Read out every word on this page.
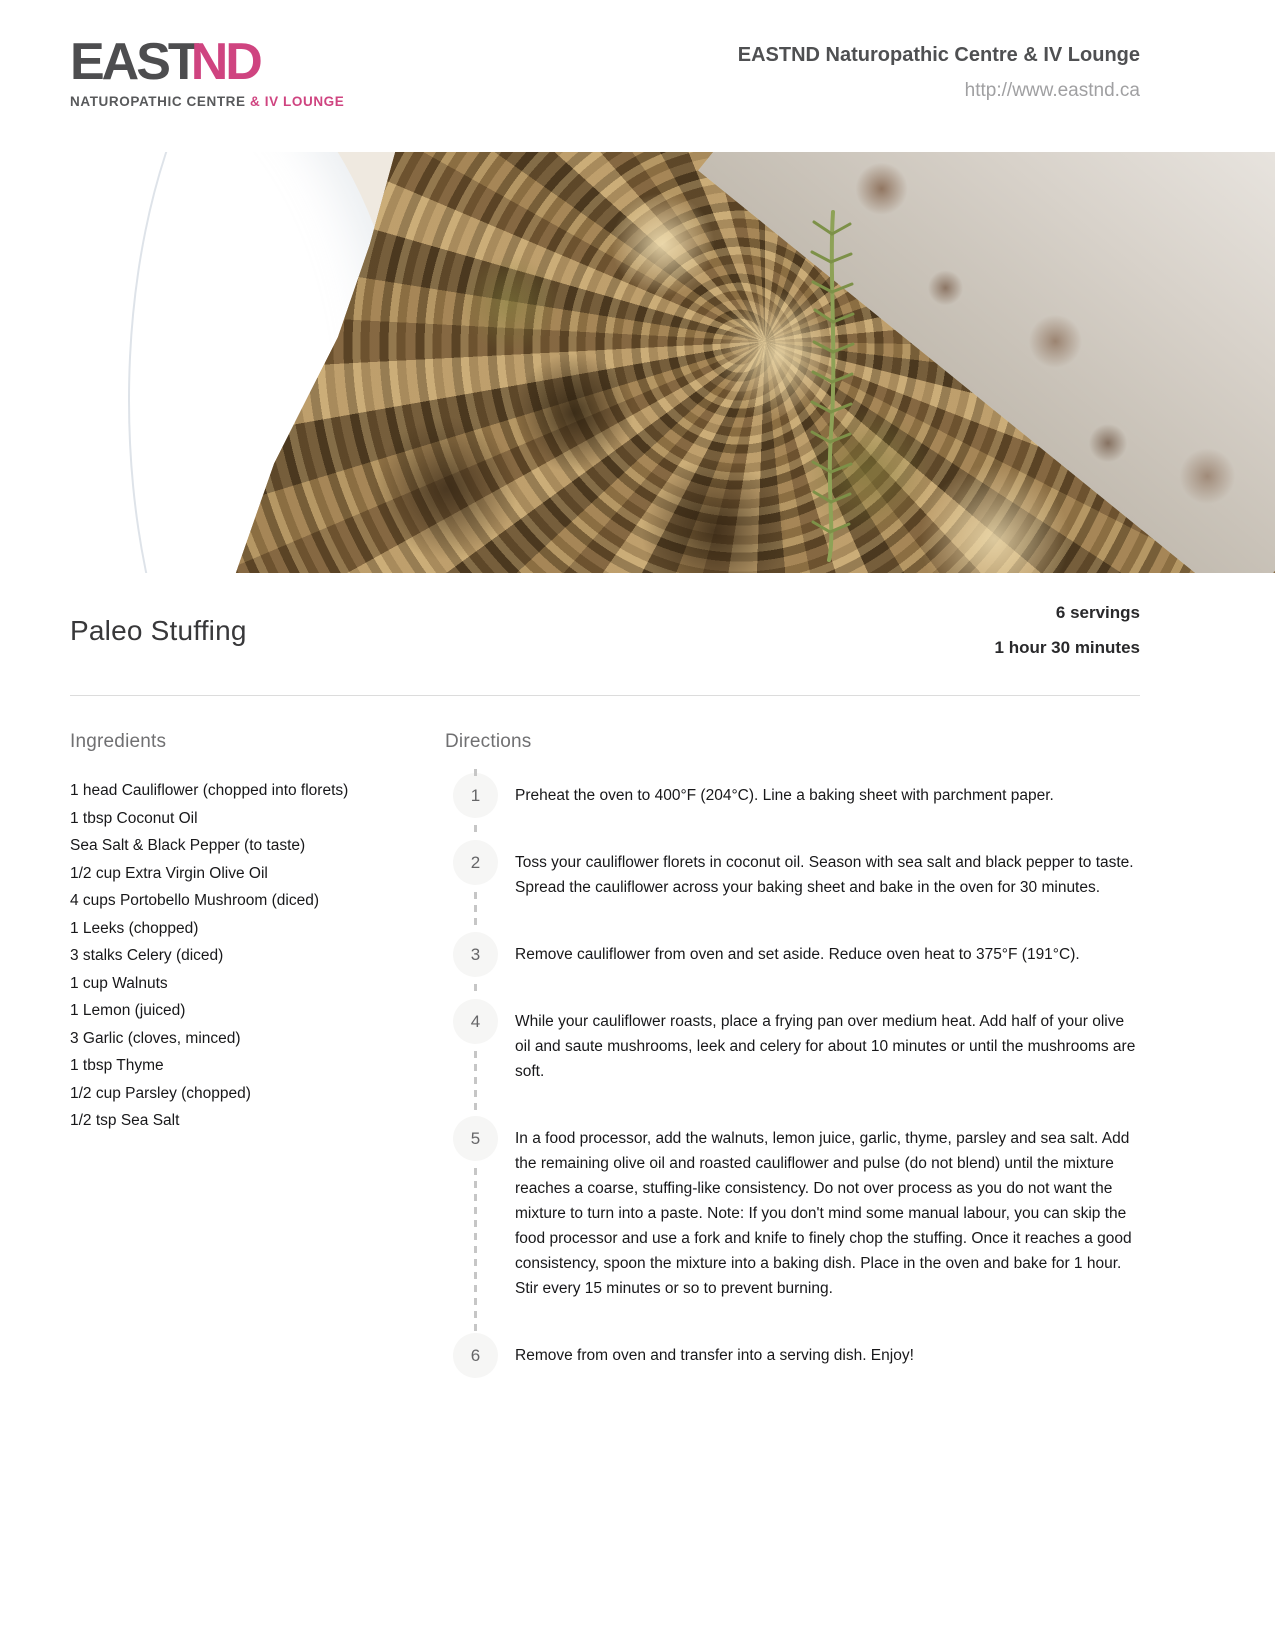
EASTND
NATUROPATHIC CENTRE & IV LOUNGE
EASTND Naturopathic Centre & IV Lounge
http://www.eastnd.ca
Paleo Stuffing
6 servings
1 hour 30 minutes
Ingredients
1 head Cauliflower (chopped into florets)
1 tbsp Coconut Oil
Sea Salt & Black Pepper (to taste)
1/2 cup Extra Virgin Olive Oil
4 cups Portobello Mushroom (diced)
1 Leeks (chopped)
3 stalks Celery (diced)
1 cup Walnuts
1 Lemon (juiced)
3 Garlic (cloves, minced)
1 tbsp Thyme
1/2 cup Parsley (chopped)
1/2 tsp Sea Salt
Directions
1	Preheat the oven to 400°F (204°C). Line a baking sheet with parchment paper.
2	Toss your cauliflower florets in coconut oil. Season with sea salt and black pepper to taste. Spread the cauliflower across your baking sheet and bake in the oven for 30 minutes.
3	Remove cauliflower from oven and set aside. Reduce oven heat to 375°F (191°C).
4	While your cauliflower roasts, place a frying pan over medium heat. Add half of your olive oil and saute mushrooms, leek and celery for about 10 minutes or until the mushrooms are soft.
5	In a food processor, add the walnuts, lemon juice, garlic, thyme, parsley and sea salt. Add the remaining olive oil and roasted cauliflower and pulse (do not blend) until the mixture reaches a coarse, stuffing-like consistency. Do not over process as you do not want the mixture to turn into a paste. Note: If you don't mind some manual labour, you can skip the food processor and use a fork and knife to finely chop the stuffing. Once it reaches a good consistency, spoon the mixture into a baking dish. Place in the oven and bake for 1 hour. Stir every 15 minutes or so to prevent burning.
6	Remove from oven and transfer into a serving dish. Enjoy!
